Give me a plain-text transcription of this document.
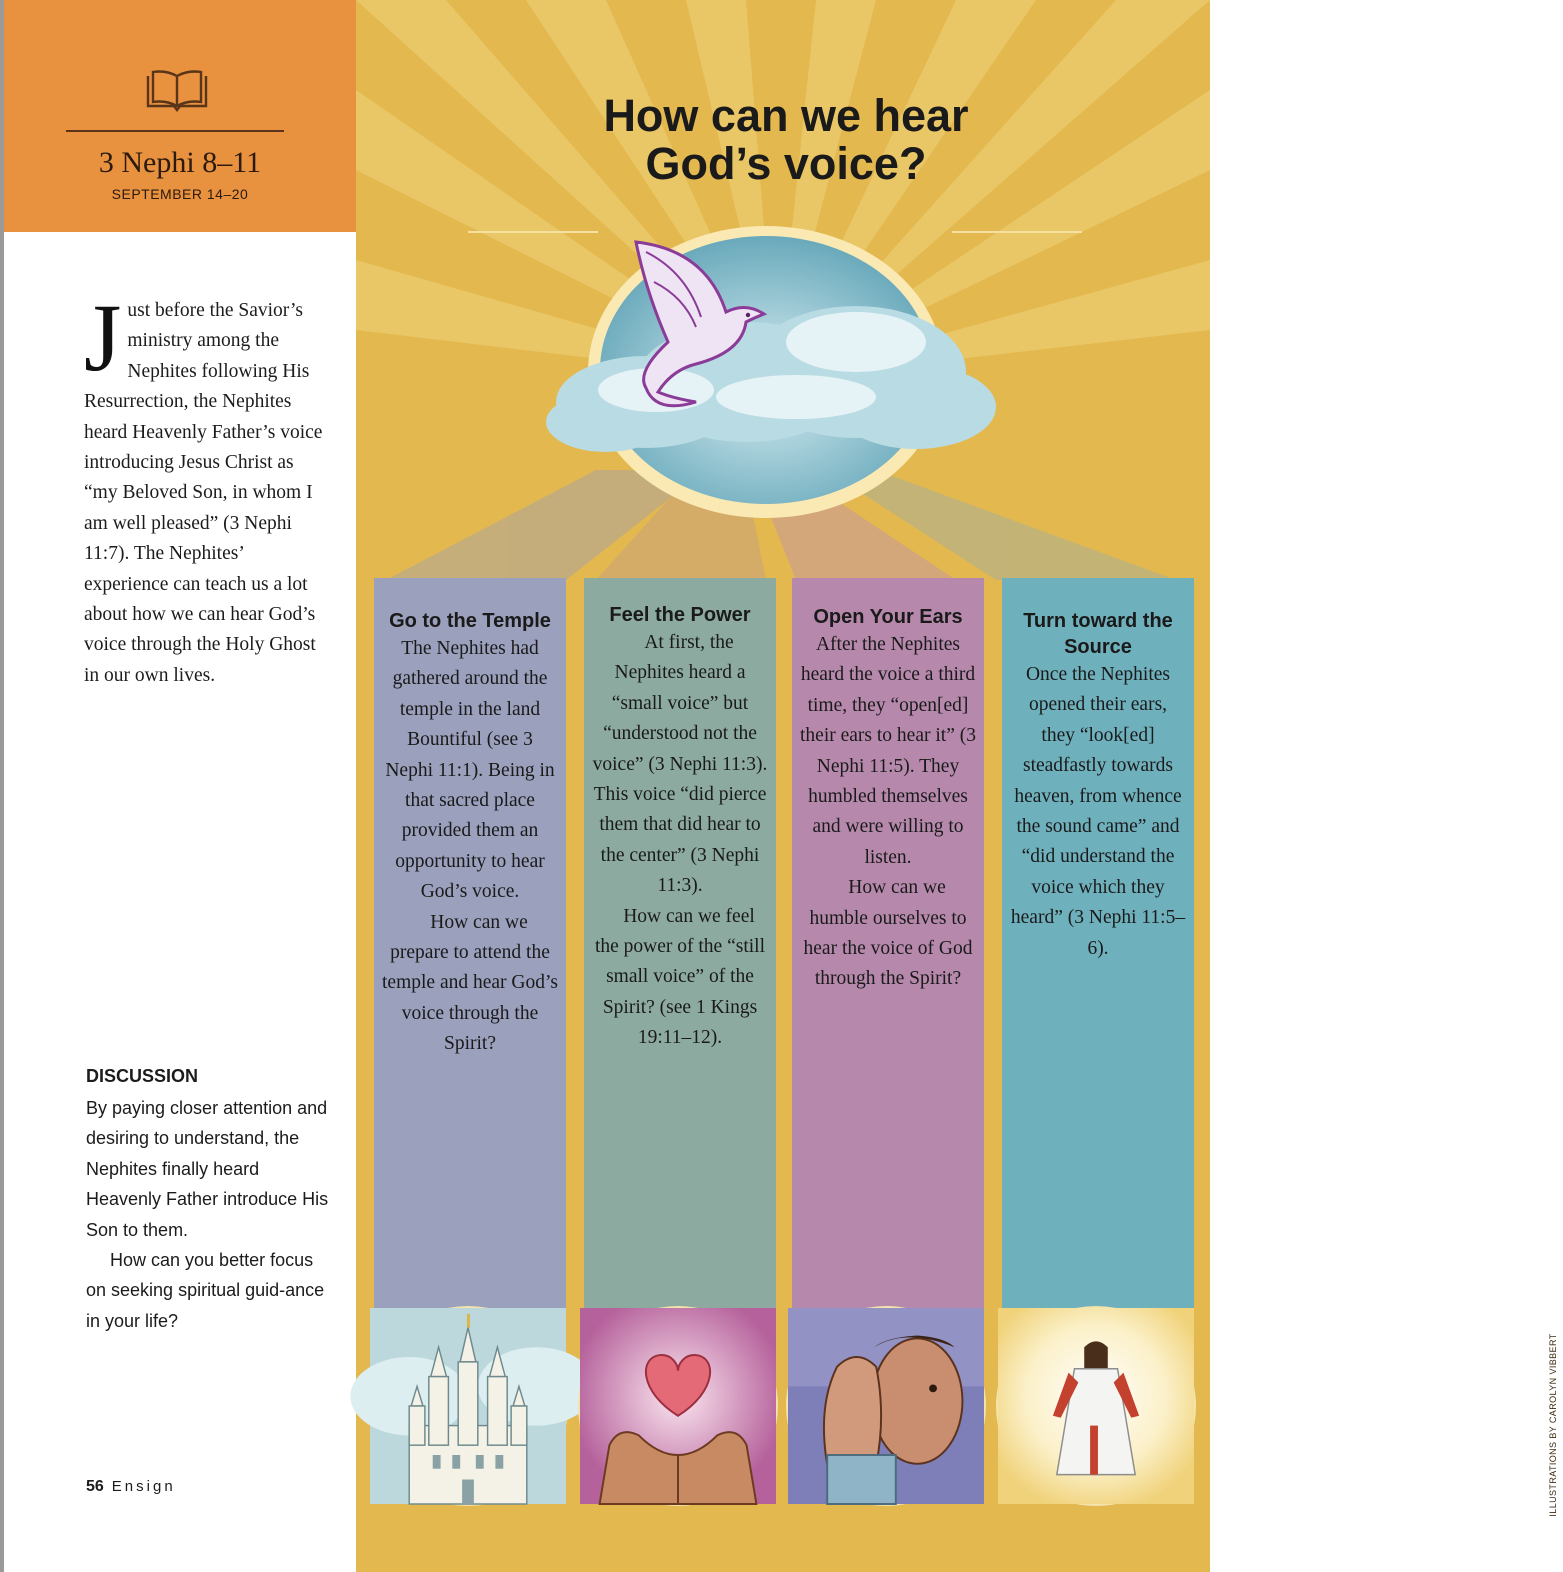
3 Nephi 8–11
SEPTEMBER 14–20
Just before the Savior’s ministry among the Nephites following His Resurrection, the Nephites heard Heavenly Father’s voice introducing Jesus Christ as “my Beloved Son, in whom I am well pleased” (3 Nephi 11:7). The Nephites’ experience can teach us a lot about how we can hear God’s voice through the Holy Ghost in our own lives.
DISCUSSION
By paying closer attention and desiring to understand, the Nephites finally heard Heavenly Father introduce His Son to them.
How can you better focus on seeking spiritual guid-ance in your life?
56 Ensign
How can we hear God’s voice?
Go to the Temple
The Nephites had gathered around the temple in the land Bountiful (see 3 Nephi 11:1). Being in that sacred place provided them an opportunity to hear God’s voice.
How can we prepare to attend the temple and hear God’s voice through the Spirit?
Feel the Power
At first, the Nephites heard a “small voice” but “understood not the voice” (3 Nephi 11:3). This voice “did pierce them that did hear to the center” (3 Nephi 11:3).
How can we feel the power of the “still small voice” of the Spirit? (see 1 Kings 19:11–12).
Open Your Ears
After the Nephites heard the voice a third time, they “open[ed] their ears to hear it” (3 Nephi 11:5). They humbled themselves and were willing to listen.
How can we humble ourselves to hear the voice of God through the Spirit?
Turn toward the Source
Once the Nephites opened their ears, they “look[ed] steadfastly towards heaven, from whence the sound came” and “did understand the voice which they heard” (3 Nephi 11:5–6).
ILLUSTRATIONS BY CAROLYN VIBBERT
